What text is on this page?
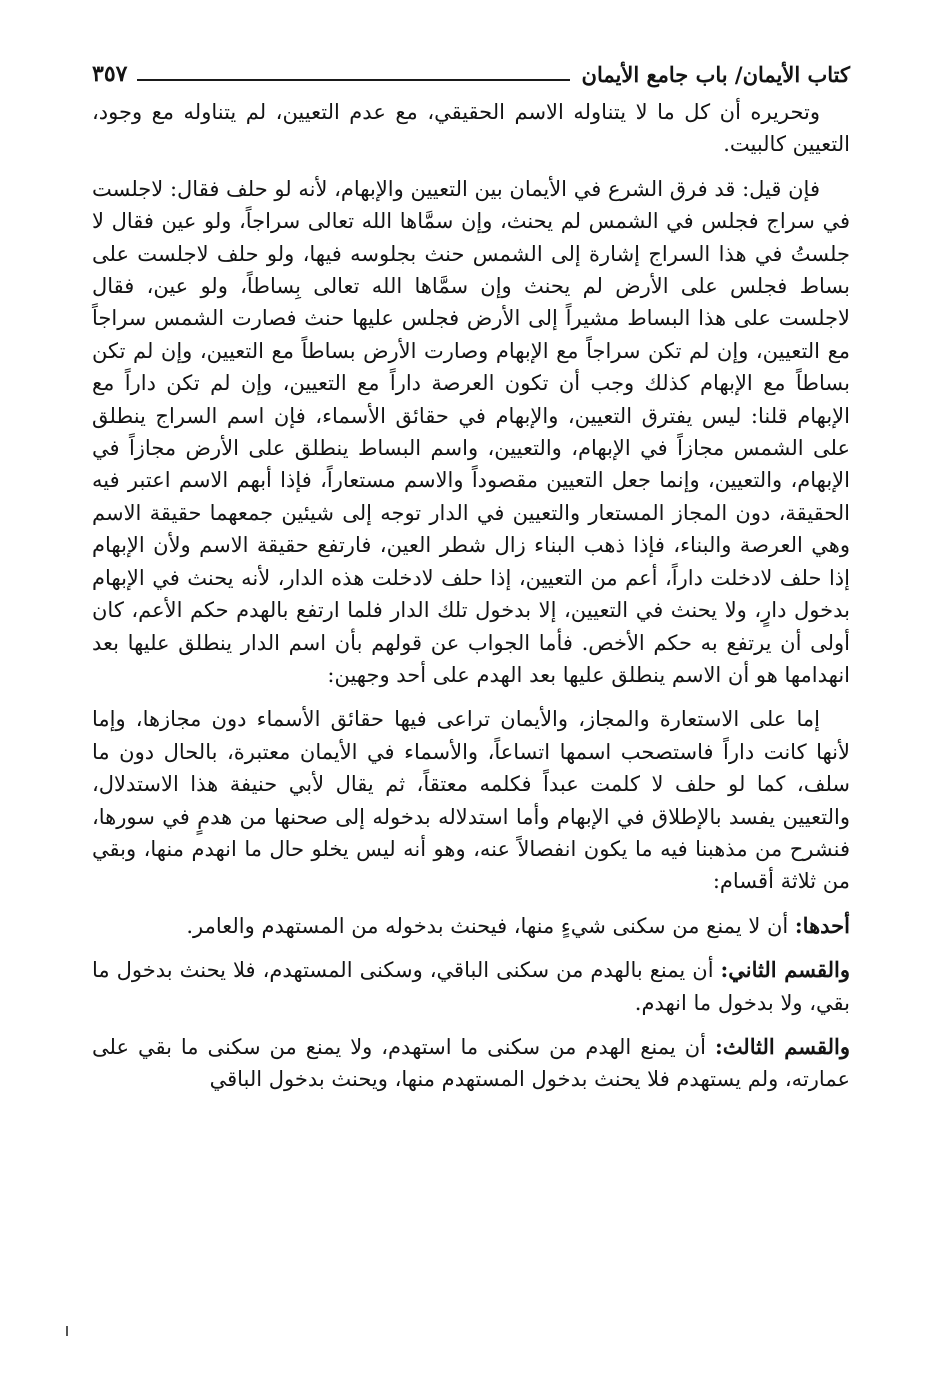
كتاب الأيمان/ باب جامع الأيمان
٣٥٧

وتحريره أن كل ما لا يتناوله الاسم الحقيقي، مع عدم التعيين، لم يتناوله مع وجود، التعيين كالبيت.

فإن قيل: قد فرق الشرع في الأيمان بين التعيين والإبهام، لأنه لو حلف فقال: لاجلست في سراج فجلس في الشمس لم يحنث، وإن سمَّاها الله تعالى سراجاً، ولو عين فقال لا جلستُ في هذا السراج إشارة إلى الشمس حنث بجلوسه فيها، ولو حلف لاجلست على بساط فجلس على الأرض لم يحنث وإن سمَّاها الله تعالى بِساطاً، ولو عين، فقال لاجلست على هذا البساط مشيراً إلى الأرض فجلس عليها حنث فصارت الشمس سراجاً مع التعيين، وإن لم تكن سراجاً مع الإبهام وصارت الأرض بساطاً مع التعيين، وإن لم تكن بساطاً مع الإبهام كذلك وجب أن تكون العرصة داراً مع التعيين، وإن لم تكن داراً مع الإبهام قلنا: ليس يفترق التعيين، والإبهام في حقائق الأسماء، فإن اسم السراج ينطلق على الشمس مجازاً في الإبهام، والتعيين، واسم البساط ينطلق على الأرض مجازاً في الإبهام، والتعيين، وإنما جعل التعيين مقصوداً والاسم مستعاراً، فإذا أبهم الاسم اعتبر فيه الحقيقة، دون المجاز المستعار والتعيين في الدار توجه إلى شيئين جمعهما حقيقة الاسم وهي العرصة والبناء، فإذا ذهب البناء زال شطر العين، فارتفع حقيقة الاسم ولأن الإبهام إذا حلف لادخلت داراً، أعم من التعيين، إذا حلف لادخلت هذه الدار، لأنه يحنث في الإبهام بدخول دارٍ، ولا يحنث في التعيين، إلا بدخول تلك الدار فلما ارتفع بالهدم حكم الأعم، كان أولى أن يرتفع به حكم الأخص. فأما الجواب عن قولهم بأن اسم الدار ينطلق عليها بعد انهدامها هو أن الاسم ينطلق عليها بعد الهدم على أحد وجهين:

إما على الاستعارة والمجاز، والأيمان تراعى فيها حقائق الأسماء دون مجازها، وإما لأنها كانت داراً فاستصحب اسمها اتساعاً، والأسماء في الأيمان معتبرة، بالحال دون ما سلف، كما لو حلف لا كلمت عبداً فكلمه معتقاً، ثم يقال لأبي حنيفة هذا الاستدلال، والتعيين يفسد بالإطلاق في الإبهام وأما استدلاله بدخوله إلى صحنها من هدمٍ في سورها، فنشرح من مذهبنا فيه ما يكون انفصالاً عنه، وهو أنه ليس يخلو حال ما انهدم منها، وبقي من ثلاثة أقسام:

أحدها: أن لا يمنع من سكنى شيءٍ منها، فيحنث بدخوله من المستهدم والعامر.

والقسم الثاني: أن يمنع بالهدم من سكنى الباقي، وسكنى المستهدم، فلا يحنث بدخول ما بقي، ولا بدخول ما انهدم.

والقسم الثالث: أن يمنع الهدم من سكنى ما استهدم، ولا يمنع من سكنى ما بقي على عمارته، ولم يستهدم فلا يحنث بدخول المستهدم منها، ويحنث بدخول الباقي
